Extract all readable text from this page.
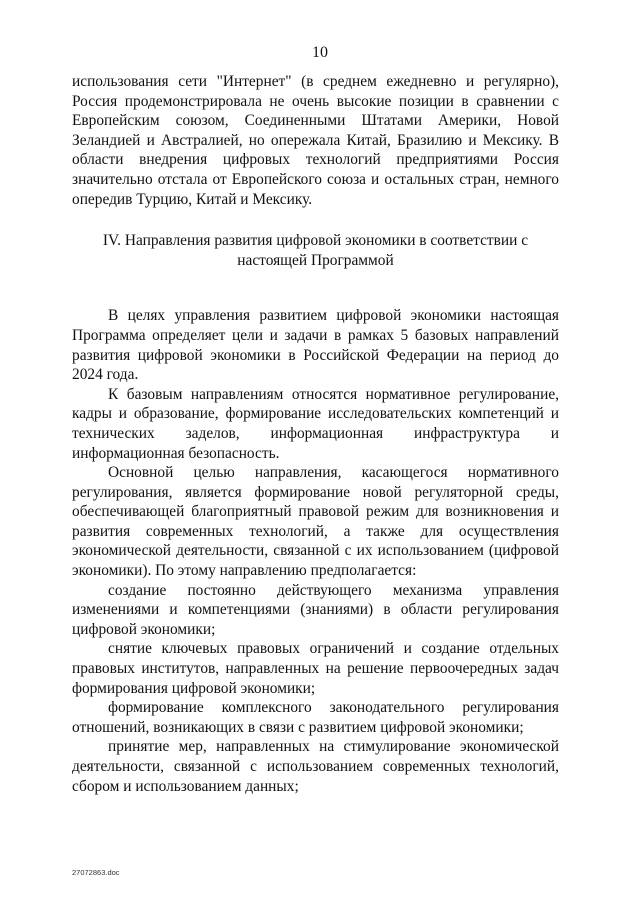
10

использования сети "Интернет" (в среднем ежедневно и регулярно), Россия продемонстрировала не очень высокие позиции в сравнении с Европейским союзом, Соединенными Штатами Америки, Новой Зеландией и Австралией, но опережала Китай, Бразилию и Мексику. В области внедрения цифровых технологий предприятиями Россия значительно отстала от Европейского союза и остальных стран, немного опередив Турцию, Китай и Мексику.

IV. Направления развития цифровой экономики в соответствии с настоящей Программой

В целях управления развитием цифровой экономики настоящая Программа определяет цели и задачи в рамках 5 базовых направлений развития цифровой экономики в Российской Федерации на период до 2024 года.

К базовым направлениям относятся нормативное регулирование, кадры и образование, формирование исследовательских компетенций и технических заделов, информационная инфраструктура и информационная безопасность.

Основной целью направления, касающегося нормативного регулирования, является формирование новой регуляторной среды, обеспечивающей благоприятный правовой режим для возникновения и развития современных технологий, а также для осуществления экономической деятельности, связанной с их использованием (цифровой экономики). По этому направлению предполагается:

создание постоянно действующего механизма управления изменениями и компетенциями (знаниями) в области регулирования цифровой экономики;

снятие ключевых правовых ограничений и создание отдельных правовых институтов, направленных на решение первоочередных задач формирования цифровой экономики;

формирование комплексного законодательного регулирования отношений, возникающих в связи с развитием цифровой экономики;

принятие мер, направленных на стимулирование экономической деятельности, связанной с использованием современных технологий, сбором и использованием данных;

27072863.doc
